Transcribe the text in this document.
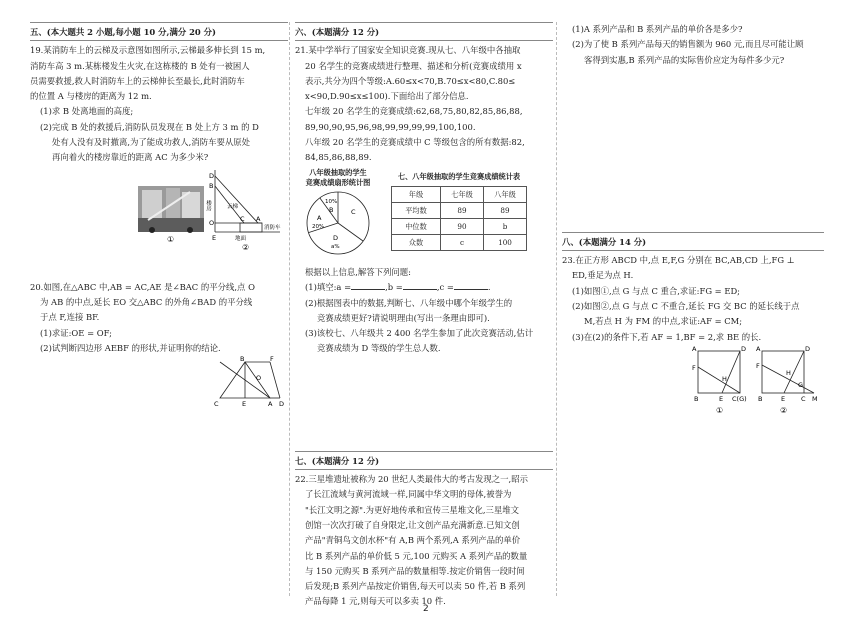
五、(本大题共 2 小题,每小题 10 分,满分 20 分)

19.某消防车上的云梯及示意图如图所示,云梯最多伸长到 15 m,

消防车高 3 m.某栋楼发生火灾,在这栋楼的 B 处有一被困人

员需要救援,救人时消防车上的云梯伸长至最长,此时消防车

的位置 A 与楼房的距离为 12 m.

(1)求 B 处离地面的高度;

(2)完成 B 处的救援后,消防队员发现在 B 处上方 3 m 的 D

处有人没有及时撤离,为了能成功救人,消防车要从原处

再向着火的楼房靠近的距离 AC 为多少米?

①
D
B
楼房
O
E
C A
云梯
消防车
地面
②

20.如图,在△ABC 中,AB = AC,AE 是∠BAC 的平分线,点 O

为 AB 的中点,延长 EO 交△ABC 的外角∠BAD 的平分线

于点 F,连接 BF.

(1)求证:OE = OF;

(2)试判断四边形 AEBF 的形状,并证明你的结论.

F
B
O
C	E	A D

六、(本题满分 12 分)

21.某中学举行了国家安全知识竞赛.现从七、八年级中各抽取

20 名学生的竞赛成绩进行整理、描述和分析(竞赛成绩用 x

表示,共分为四个等级:A.60≤x<70,B.70≤x<80,C.80≤

x<90,D.90≤x≤100).下面给出了部分信息.

七年级 20 名学生的竞赛成绩:62,68,75,80,82,85,86,88,

89,90,90,95,96,98,99,99,99,99,100,100.

八年级 20 名学生的竞赛成绩中 C 等级包含的所有数据:82,

84,85,86,88,89.

八年级抽取的学生
竞赛成绩扇形统计图
10%
B
A
20%
C
D
a%
七、八年级抽取的学生竞赛成绩统计表
年级	七年级	八年级
平均数	89	89
中位数	90	b
众数	c	100

根据以上信息,解答下列问题:

(1)填空:a =	,b =	,c =	.

(2)根据图表中的数据,判断七、八年级中哪个年级学生的

竞赛成绩更好?请说明理由(写出一条理由即可).

(3)该校七、八年级共 2 400 名学生参加了此次竞赛活动,估计

竞赛成绩为 D 等级的学生总人数.

七、(本题满分 12 分)

22.三星堆遗址被称为 20 世纪人类最伟大的考古发现之一,昭示

了长江流域与黄河流域一样,同属中华文明的母体,被誉为

"长江文明之源".为更好地传承和宣传三星堆文化,三星堆文

创馆一次次打破了自身限定,让文创产品充满新意.已知文创

产品"青铜鸟文创水杯"有 A,B 两个系列,A 系列产品的单价

比 B 系列产品的单价低 5 元,100 元购买 A 系列产品的数量

与 150 元购买 B 系列产品的数量相等.按定价销售一段时间

后发现;B 系列产品按定价销售,每天可以卖 50 件,若 B 系列

产品每降 1 元,则每天可以多卖 10 件.

(1)A 系列产品和 B 系列产品的单价各是多少?

(2)为了使 B 系列产品每天的销售额为 960 元,而且尽可能让顾

客得到实惠,B 系列产品的实际售价应定为每件多少元?

八、(本题满分 14 分)

23.在正方形 ABCD 中,点 E,F,G 分别在 BC,AB,CD 上,FG ⊥

ED,垂足为点 H.

(1)如图①,点 G 与点 C 重合,求证:FG = ED;

(2)如图②,点 G 与点 C 不重合,延长 FG 交 BC 的延长线于点

M,若点 H 为 FM 的中点,求证:AF = CM;

(3)在(2)的条件下,若 AF = 1,BF = 2,求 BE 的长.

A	D
F
H
B	E C(G)
①
A	D
F
H
G
B	E C M
②
2
